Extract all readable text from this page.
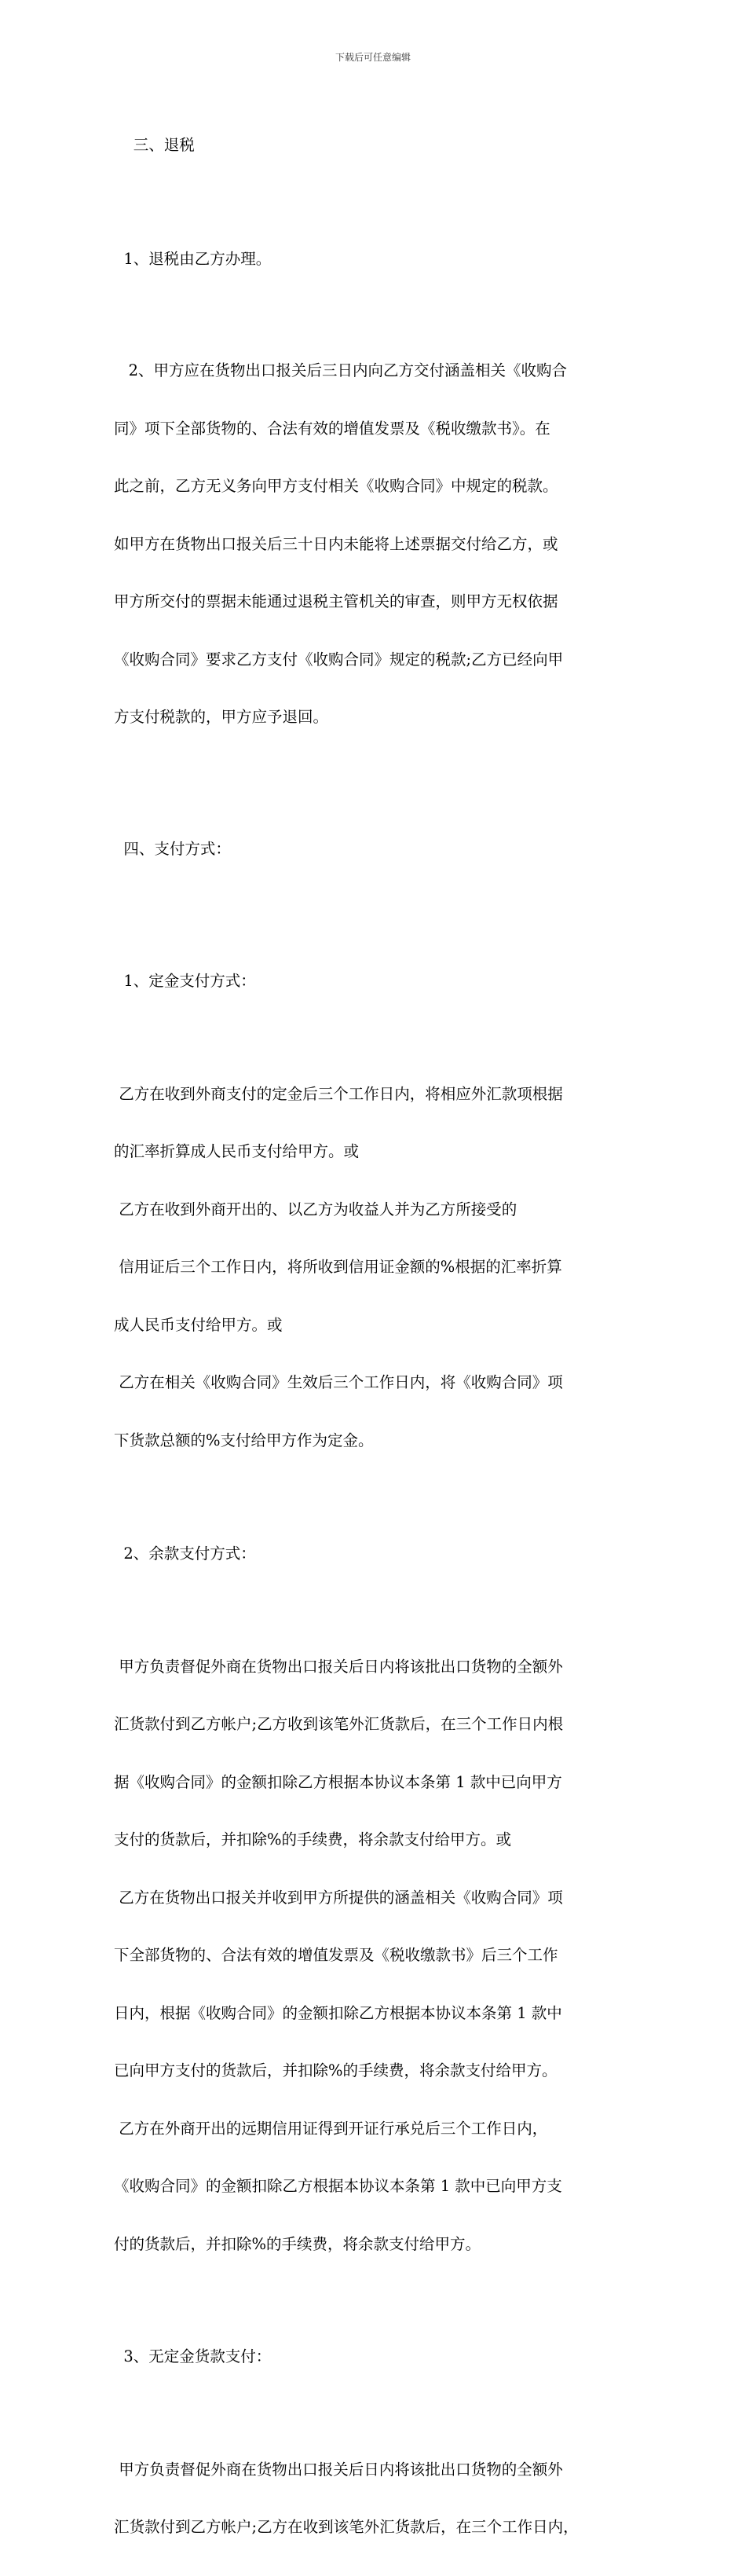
下载后可任意编辑

三、退税

1、退税由乙方办理。

2、甲方应在货物出口报关后三日内向乙方交付涵盖相关《收购合

同》项下全部货物的、合法有效的增值发票及《税收缴款书》。在

此之前，乙方无义务向甲方支付相关《收购合同》中规定的税款。

如甲方在货物出口报关后三十日内未能将上述票据交付给乙方，或

甲方所交付的票据未能通过退税主管机关的审查，则甲方无权依据

《收购合同》要求乙方支付《收购合同》规定的税款;乙方已经向甲

方支付税款的，甲方应予退回。

四、支付方式：

1、定金支付方式：

乙方在收到外商支付的定金后三个工作日内，将相应外汇款项根据

的汇率折算成人民币支付给甲方。或

乙方在收到外商开出的、以乙方为收益人并为乙方所接受的

信用证后三个工作日内，将所收到信用证金额的%根据的汇率折算

成人民币支付给甲方。或

乙方在相关《收购合同》生效后三个工作日内，将《收购合同》项

下货款总额的%支付给甲方作为定金。

2、余款支付方式：

甲方负责督促外商在货物出口报关后日内将该批出口货物的全额外

汇货款付到乙方帐户;乙方收到该笔外汇货款后，在三个工作日内根

据《收购合同》的金额扣除乙方根据本协议本条第 1 款中已向甲方

支付的货款后，并扣除%的手续费，将余款支付给甲方。或

乙方在货物出口报关并收到甲方所提供的涵盖相关《收购合同》项

下全部货物的、合法有效的增值发票及《税收缴款书》后三个工作

日内，根据《收购合同》的金额扣除乙方根据本协议本条第 1 款中

已向甲方支付的货款后，并扣除%的手续费，将余款支付给甲方。

乙方在外商开出的远期信用证得到开证行承兑后三个工作日内，

《收购合同》的金额扣除乙方根据本协议本条第 1 款中已向甲方支

付的货款后，并扣除%的手续费，将余款支付给甲方。

3、无定金货款支付：

甲方负责督促外商在货物出口报关后日内将该批出口货物的全额外

汇货款付到乙方帐户;乙方在收到该笔外汇货款后，在三个工作日内，
